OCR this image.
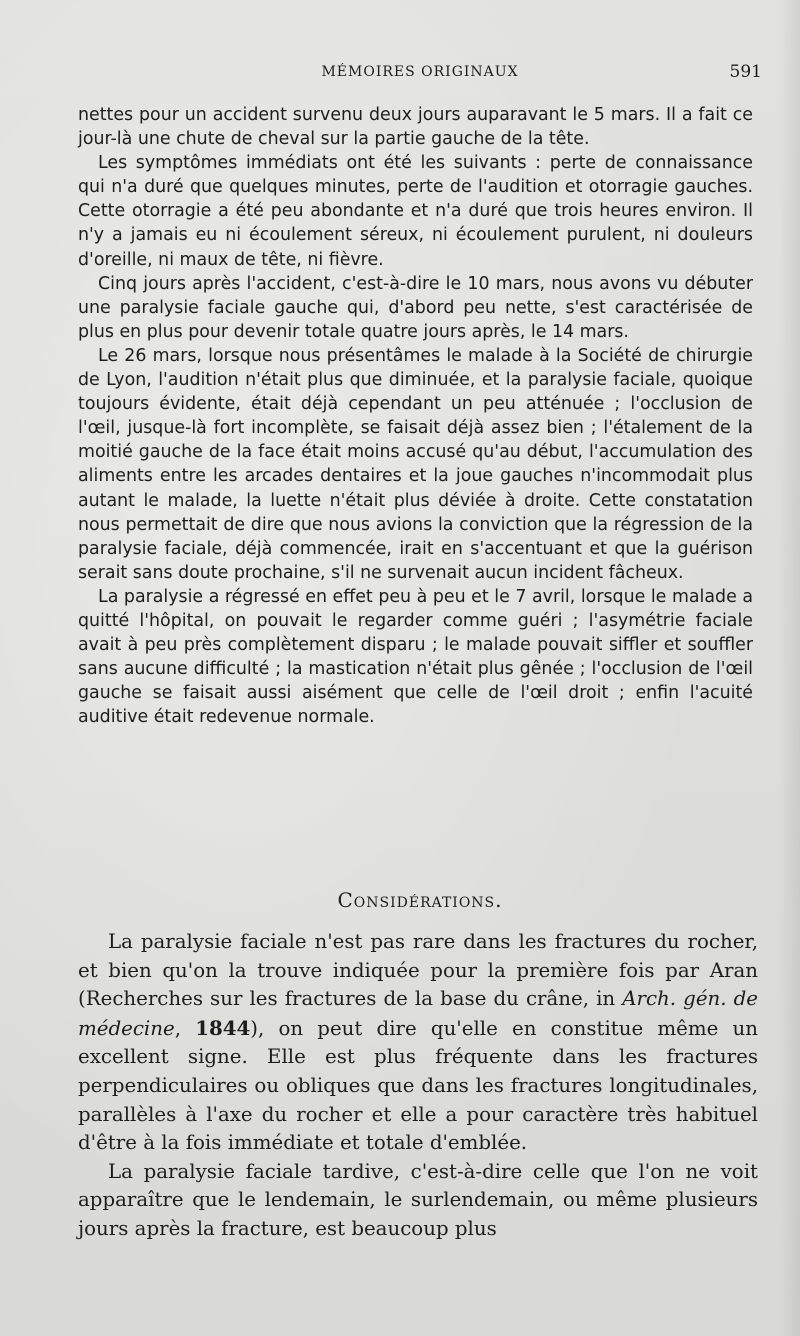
MÉMOIRES ORIGINAUX	591

nettes pour un accident survenu deux jours auparavant le 5 mars. Il a fait ce jour-là une chute de cheval sur la partie gauche de la tête.

Les symptômes immédiats ont été les suivants : perte de connaissance qui n'a duré que quelques minutes, perte de l'audition et otorragie gauches. Cette otorragie a été peu abondante et n'a duré que trois heures environ. Il n'y a jamais eu ni écoulement séreux, ni écoulement purulent, ni douleurs d'oreille, ni maux de tête, ni fièvre.

Cinq jours après l'accident, c'est-à-dire le 10 mars, nous avons vu débuter une paralysie faciale gauche qui, d'abord peu nette, s'est caractérisée de plus en plus pour devenir totale quatre jours après, le 14 mars.

Le 26 mars, lorsque nous présentâmes le malade à la Société de chirurgie de Lyon, l'audition n'était plus que diminuée, et la paralysie faciale, quoique toujours évidente, était déjà cependant un peu atténuée ; l'occlusion de l'œil, jusque-là fort incomplète, se faisait déjà assez bien ; l'étalement de la moitié gauche de la face était moins accusé qu'au début, l'accumulation des aliments entre les arcades dentaires et la joue gauches n'incommodait plus autant le malade, la luette n'était plus déviée à droite. Cette constatation nous permettait de dire que nous avions la conviction que la régression de la paralysie faciale, déjà commencée, irait en s'accentuant et que la guérison serait sans doute prochaine, s'il ne survenait aucun incident fâcheux.

La paralysie a régressé en effet peu à peu et le 7 avril, lorsque le malade a quitté l'hôpital, on pouvait le regarder comme guéri ; l'asymétrie faciale avait à peu près complètement disparu ; le malade pouvait siffler et souffler sans aucune difficulté ; la mastication n'était plus gênée ; l'occlusion de l'œil gauche se faisait aussi aisément que celle de l'œil droit ; enfin l'acuité auditive était redevenue normale.

Considérations.

La paralysie faciale n'est pas rare dans les fractures du rocher, et bien qu'on la trouve indiquée pour la première fois par Aran (Recherches sur les fractures de la base du crâne, in Arch. gén. de médecine, 1844), on peut dire qu'elle en constitue même un excellent signe. Elle est plus fréquente dans les fractures perpendiculaires ou obliques que dans les fractures longitudinales, parallèles à l'axe du rocher et elle a pour caractère très habituel d'être à la fois immédiate et totale d'emblée.

La paralysie faciale tardive, c'est-à-dire celle que l'on ne voit apparaître que le lendemain, le surlendemain, ou même plusieurs jours après la fracture, est beaucoup plus
